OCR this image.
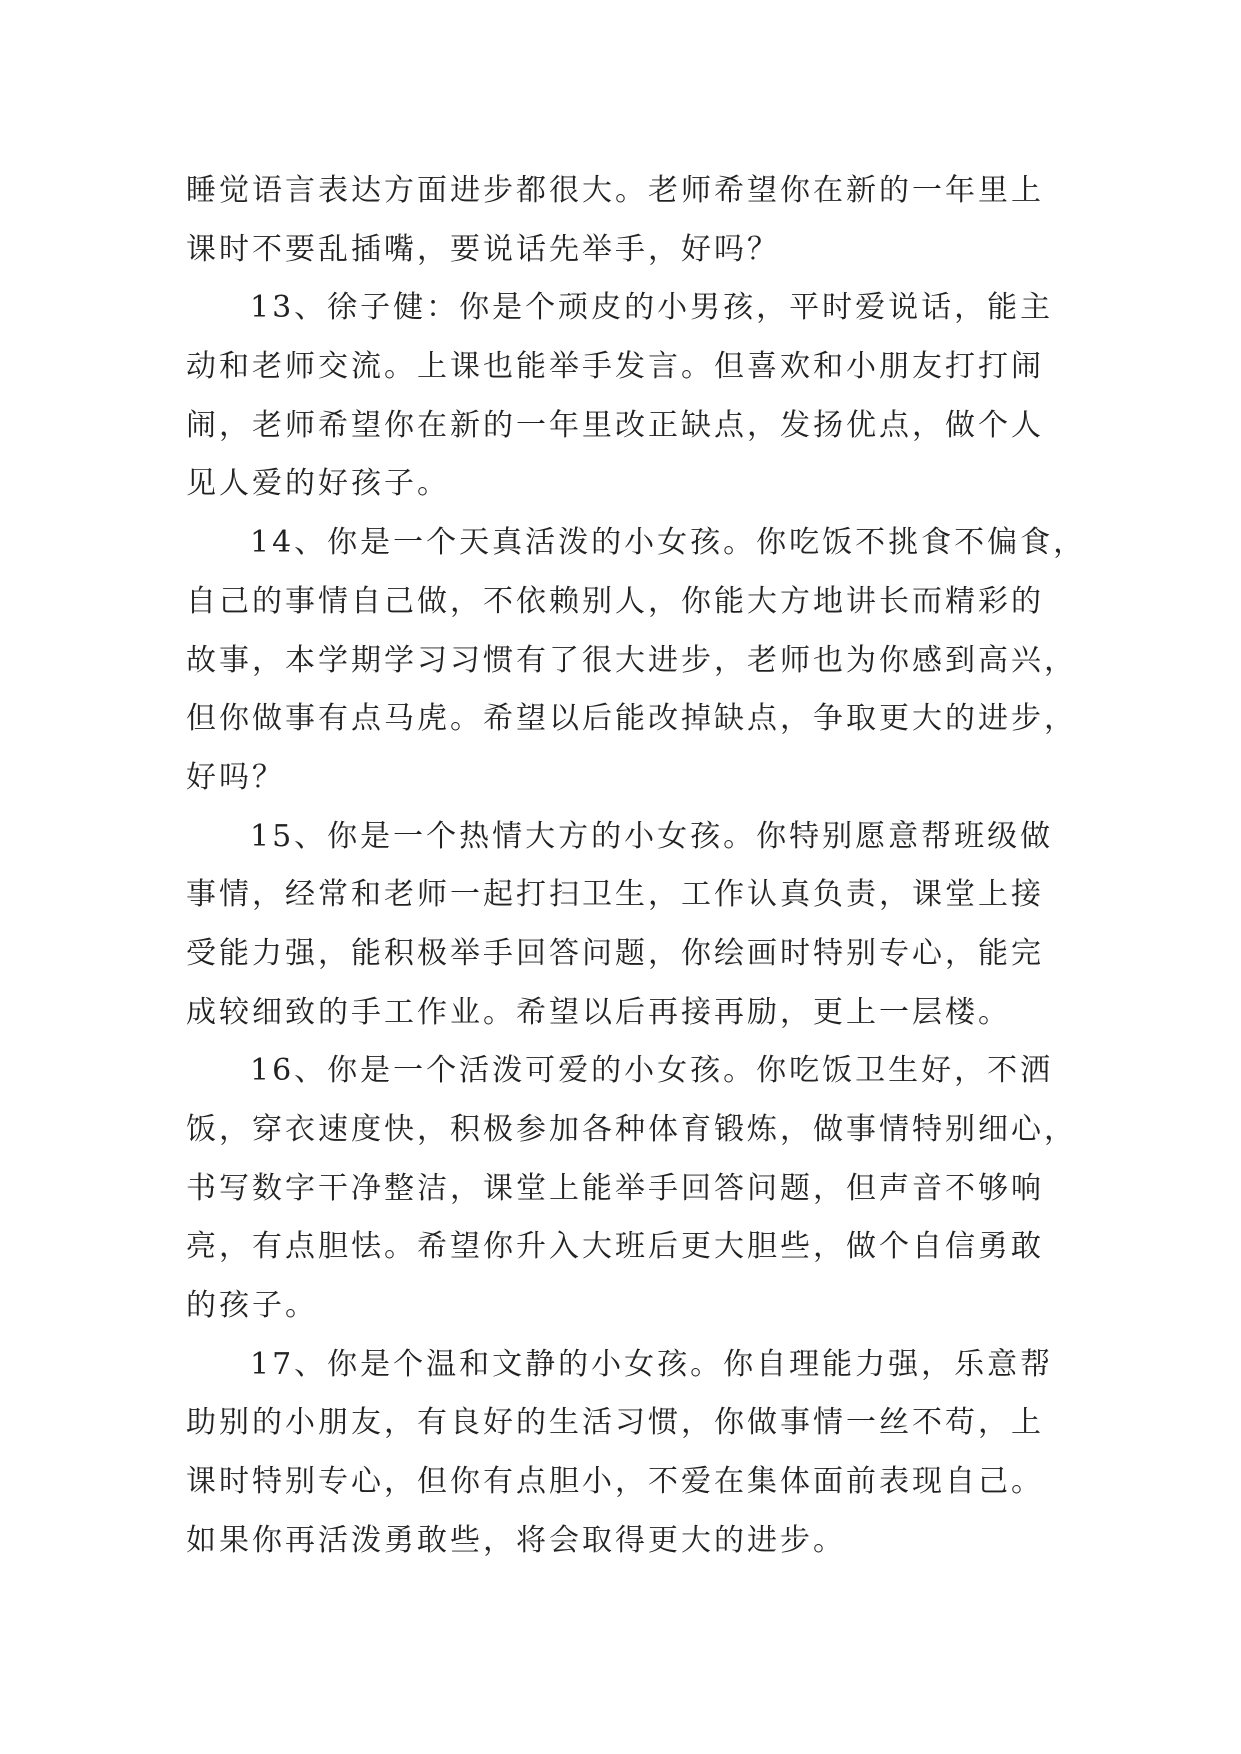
睡觉语言表达方面进步都很大。老师希望你在新的一年里上
课时不要乱插嘴，要说话先举手，好吗？
13、徐子健：你是个顽皮的小男孩，平时爱说话，能主
动和老师交流。上课也能举手发言。但喜欢和小朋友打打闹
闹，老师希望你在新的一年里改正缺点，发扬优点，做个人
见人爱的好孩子。
14、你是一个天真活泼的小女孩。你吃饭不挑食不偏食，
自己的事情自己做，不依赖别人，你能大方地讲长而精彩的
故事，本学期学习习惯有了很大进步，老师也为你感到高兴，
但你做事有点马虎。希望以后能改掉缺点，争取更大的进步，
好吗？
15、你是一个热情大方的小女孩。你特别愿意帮班级做
事情，经常和老师一起打扫卫生，工作认真负责，课堂上接
受能力强，能积极举手回答问题，你绘画时特别专心，能完
成较细致的手工作业。希望以后再接再励，更上一层楼。
16、你是一个活泼可爱的小女孩。你吃饭卫生好，不洒
饭，穿衣速度快，积极参加各种体育锻炼，做事情特别细心，
书写数字干净整洁，课堂上能举手回答问题，但声音不够响
亮，有点胆怯。希望你升入大班后更大胆些，做个自信勇敢
的孩子。
17、你是个温和文静的小女孩。你自理能力强，乐意帮
助别的小朋友，有良好的生活习惯，你做事情一丝不苟，上
课时特别专心，但你有点胆小，不爱在集体面前表现自己。
如果你再活泼勇敢些，将会取得更大的进步。
